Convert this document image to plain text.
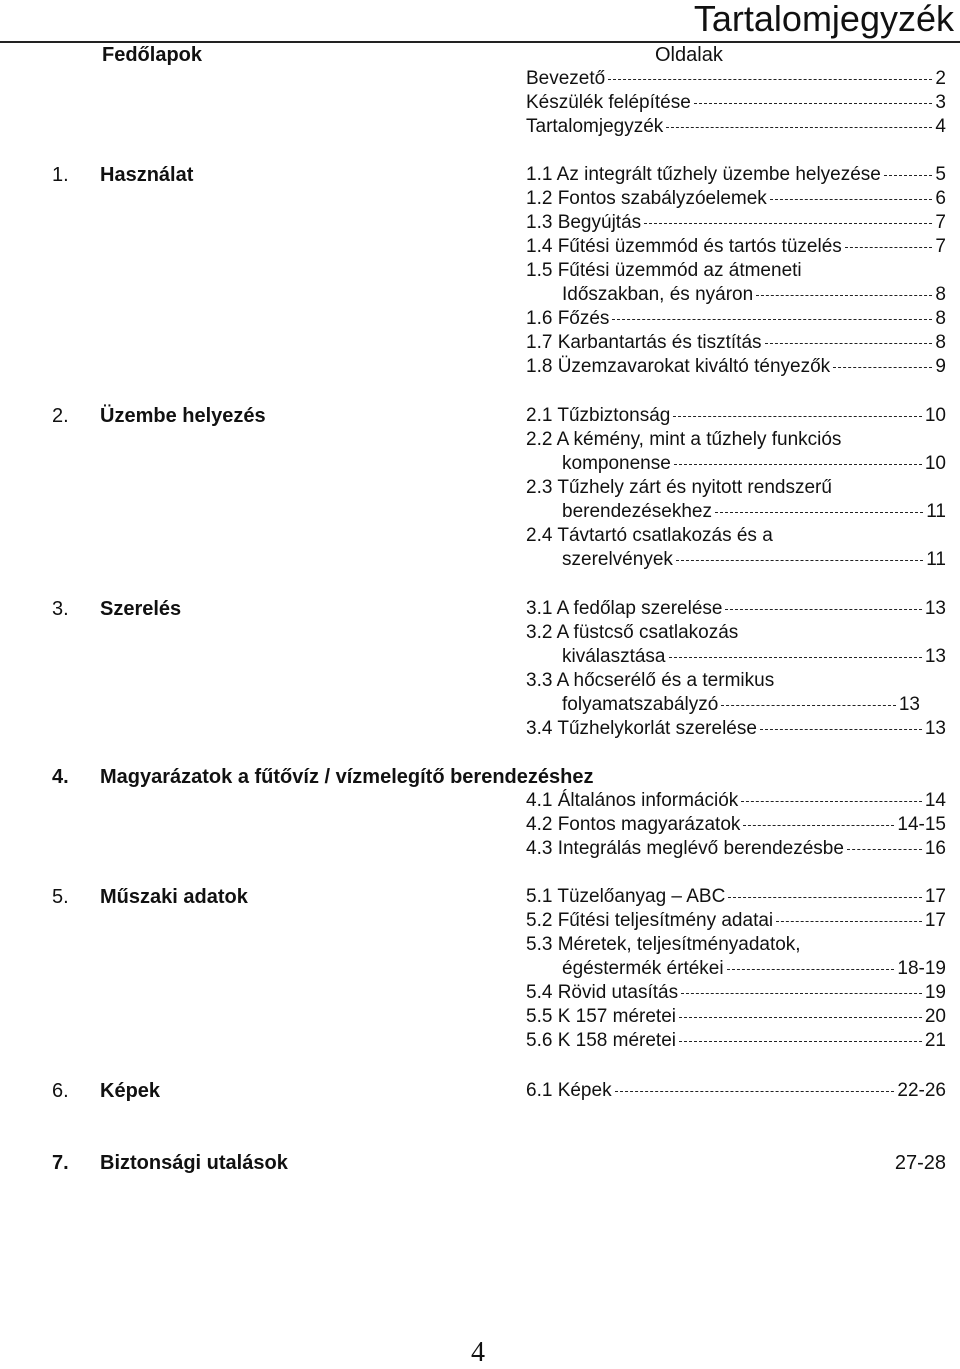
Tartalomjegyzék
Fedőlapok	Oldalak
Bevezető	2
Készülék felépítése	3
Tartalomjegyzék	4
1. Használat	1.1 Az integrált tűzhely üzembe helyezése	5
1.2 Fontos szabályzóelemek	6
1.3 Begyújtás	7
1.4 Fűtési üzemmód és tartós tüzelés	7
1.5 Fűtési üzemmód az átmeneti
Időszakban, és nyáron	8
1.6 Főzés	8
1.7 Karbantartás és tisztítás	8
1.8 Üzemzavarokat kiváltó tényezők	9
2. Üzembe helyezés	2.1 Tűzbiztonság	10
2.2 A kémény, mint a tűzhely funkciós
komponense	10
2.3 Tűzhely zárt és nyitott rendszerű
berendezésekhez	11
2.4 Távtartó csatlakozás és a
szerelvények	11
3. Szerelés	3.1 A fedőlap szerelése	13
3.2 A füstcső csatlakozás
kiválasztása	13
3.3 A hőcserélő és a termikus
folyamatszabályzó	13
3.4 Tűzhelykorlát szerelése	13
4. Magyarázatok a fűtővíz / vízmelegítő berendezéshez
4.1 Általános információk	14
4.2 Fontos magyarázatok	14-15
4.3 Integrálás meglévő berendezésbe	16
5. Műszaki adatok	5.1 Tüzelőanyag – ABC	17
5.2 Fűtési teljesítmény adatai	17
5.3 Méretek, teljesítményadatok,
égéstermék értékei	18-19
5.4 Rövid utasítás	19
5.5 K 157 méretei	20
5.6 K 158 méretei	21
6. Képek	6.1 Képek	22-26
7. Biztonsági utalások	27-28
4
